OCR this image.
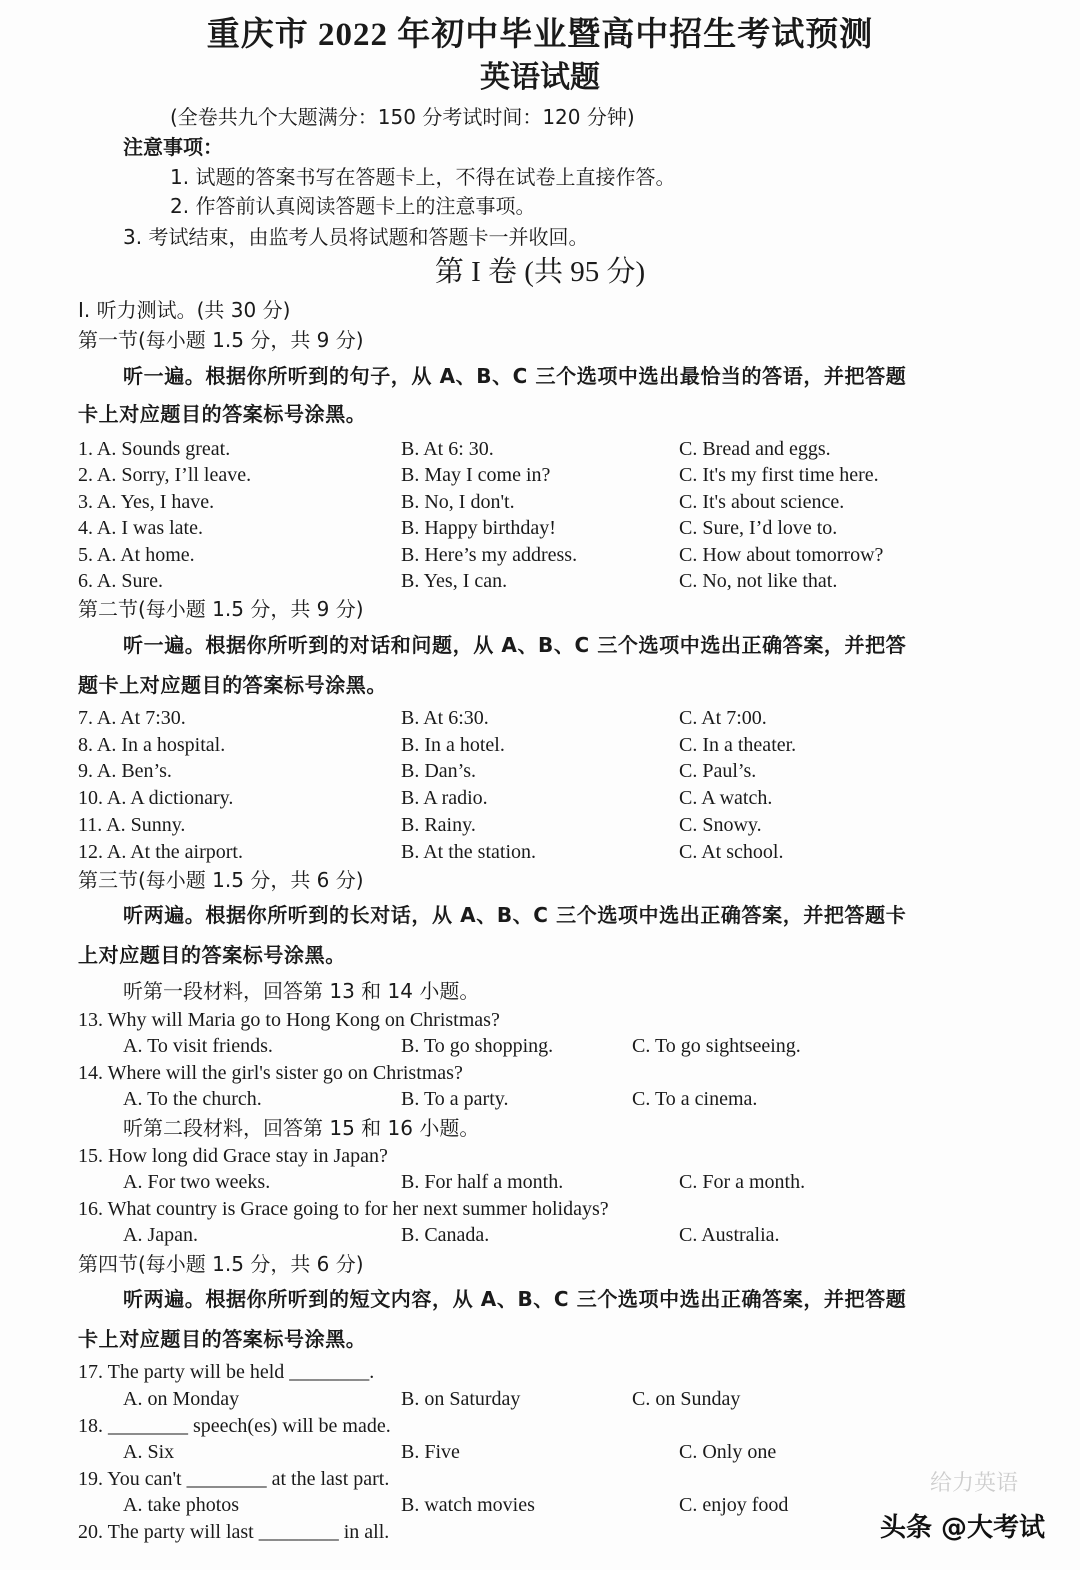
给力英语
头条 @大考试
重庆市 2022 年初中毕业暨高中招生考试预测
英语试题
(全卷共九个大题满分：150 分考试时间：120 分钟)
注意事项：
1. 试题的答案书写在答题卡上，不得在试卷上直接作答。
2. 作答前认真阅读答题卡上的注意事项。
3. 考试结束，由监考人员将试题和答题卡一并收回。
第 I 卷 (共 95 分)
I. 听力测试。(共 30 分)
第一节(每小题 1.5 分，共 9 分)
听一遍。根据你所听到的句子，从 A、B、C 三个选项中选出最恰当的答语，并把答题
卡上对应题目的答案标号涂黑。
1. A. Sounds great.	B. At 6: 30.	C. Bread and eggs.
2. A. Sorry, I’ll leave.	B. May I come in?	C. It's my first time here.
3. A. Yes, I have.	B. No, I don't.	C. It's about science.
4. A. I was late.	B. Happy birthday!	C. Sure, I’d love to.
5. A. At home.	B. Here’s my address.	C. How about tomorrow?
6. A. Sure.	B. Yes, I can.	C. No, not like that.
第二节(每小题 1.5 分，共 9 分)
听一遍。根据你所听到的对话和问题，从 A、B、C 三个选项中选出正确答案，并把答
题卡上对应题目的答案标号涂黑。
7. A. At 7:30.	B. At 6:30.	C. At 7:00.
8. A. In a hospital.	B. In a hotel.	C. In a theater.
9. A. Ben’s.	B. Dan’s.	C. Paul’s.
10. A. A dictionary.	B. A radio.	C. A watch.
11. A. Sunny.	B. Rainy.	C. Snowy.
12. A. At the airport.	B. At the station.	C. At school.
第三节(每小题 1.5 分，共 6 分)
听两遍。根据你所听到的长对话，从 A、B、C 三个选项中选出正确答案，并把答题卡
上对应题目的答案标号涂黑。
听第一段材料，回答第 13 和 14 小题。
听第二段材料，回答第 15 和 16 小题。
13. Why will Maria go to Hong Kong on Christmas?
A. To visit friends.	B. To go shopping.	C. To go sightseeing.
14. Where will the girl's sister go on Christmas?
A. To the church.	B. To a party.	C. To a cinema.
15. How long did Grace stay in Japan?
A. For two weeks.	B. For half a month.	C. For a month.
16. What country is Grace going to for her next summer holidays?
A. Japan.	B. Canada.	C. Australia.
第四节(每小题 1.5 分，共 6 分)
听两遍。根据你所听到的短文内容，从 A、B、C 三个选项中选出正确答案，并把答题
卡上对应题目的答案标号涂黑。
17. The party will be held ________.
A. on Monday	B. on Saturday	C. on Sunday
18. ________ speech(es) will be made.
A. Six	B. Five	C. Only one
19. You can't ________ at the last part.
A. take photos	B. watch movies	C. enjoy food
20. The party will last ________ in all.
